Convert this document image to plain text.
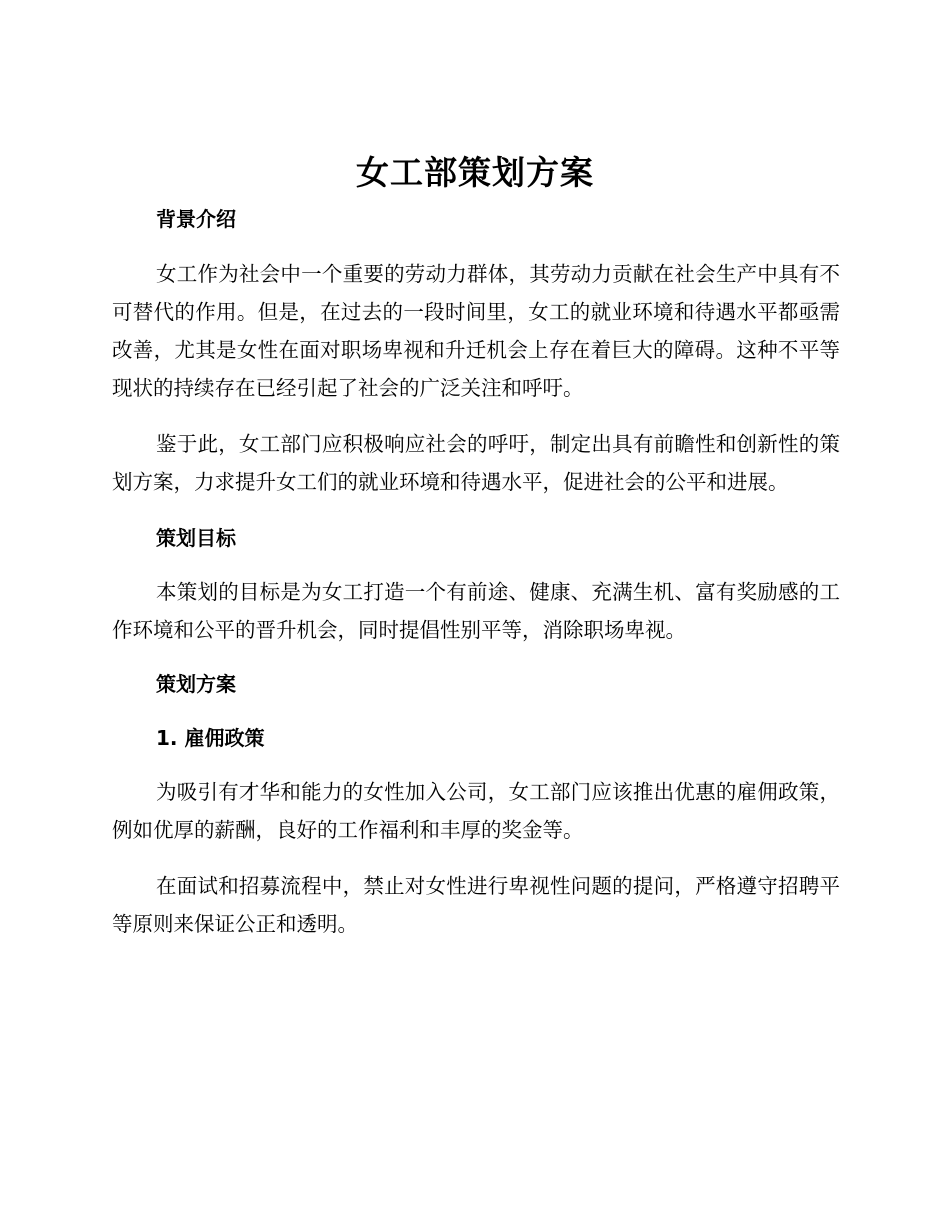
女工部策划方案

背景介绍

女工作为社会中一个重要的劳动力群体，其劳动力贡献在社会生产中具有不可替代的作用。但是，在过去的一段时间里，女工的就业环境和待遇水平都亟需改善，尤其是女性在面对职场卑视和升迁机会上存在着巨大的障碍。这种不平等现状的持续存在已经引起了社会的广泛关注和呼吁。

鉴于此，女工部门应积极响应社会的呼吁，制定出具有前瞻性和创新性的策划方案，力求提升女工们的就业环境和待遇水平，促进社会的公平和进展。

策划目标

本策划的目标是为女工打造一个有前途、健康、充满生机、富有奖励感的工作环境和公平的晋升机会，同时提倡性别平等，消除职场卑视。

策划方案

1. 雇佣政策

为吸引有才华和能力的女性加入公司，女工部门应该推出优惠的雇佣政策，例如优厚的薪酬，良好的工作福利和丰厚的奖金等。

在面试和招募流程中，禁止对女性进行卑视性问题的提问，严格遵守招聘平等原则来保证公正和透明。
